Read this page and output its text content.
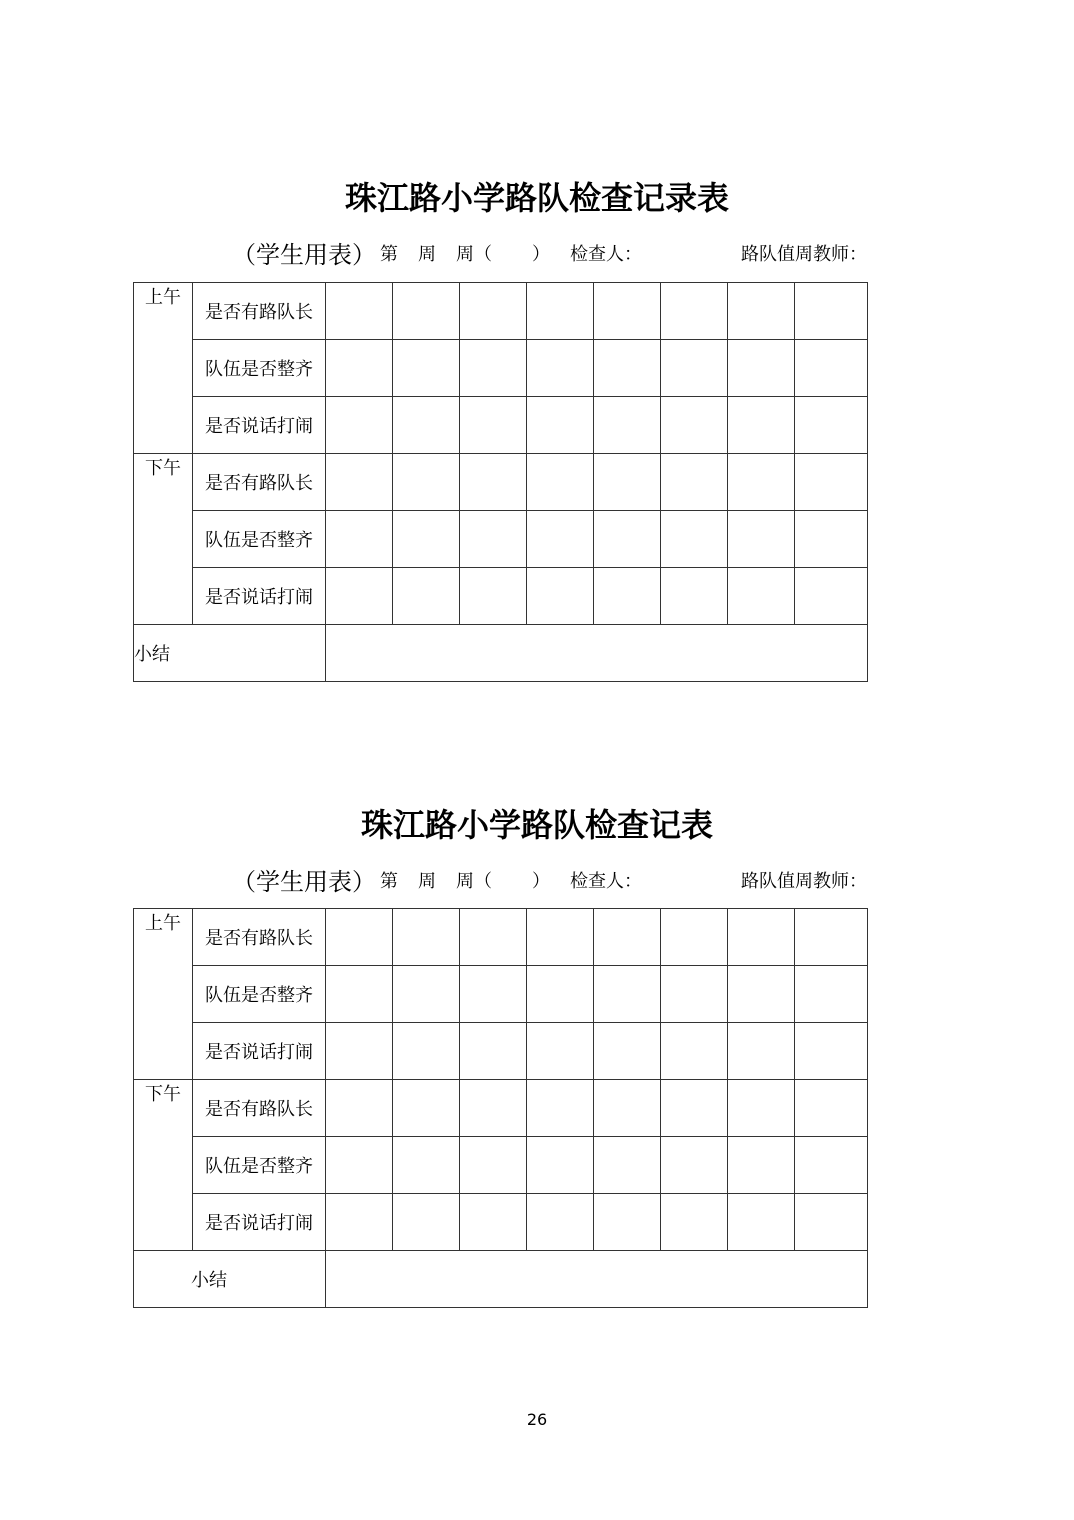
珠江路小学路队检查记录表
（学生用表） 第 周 周（ ） 检查人：	路队值周教师：
上午	是否有路队长								
	队伍是否整齐								
	是否说话打闹								
下午	是否有路队长								
	队伍是否整齐								
	是否说话打闹								
小结									
珠江路小学路队检查记表
（学生用表） 第 周 周（ ） 检查人：	路队值周教师：
上午	是否有路队长								
	队伍是否整齐								
	是否说话打闹								
下午	是否有路队长								
	队伍是否整齐								
	是否说话打闹								
小结									
26
